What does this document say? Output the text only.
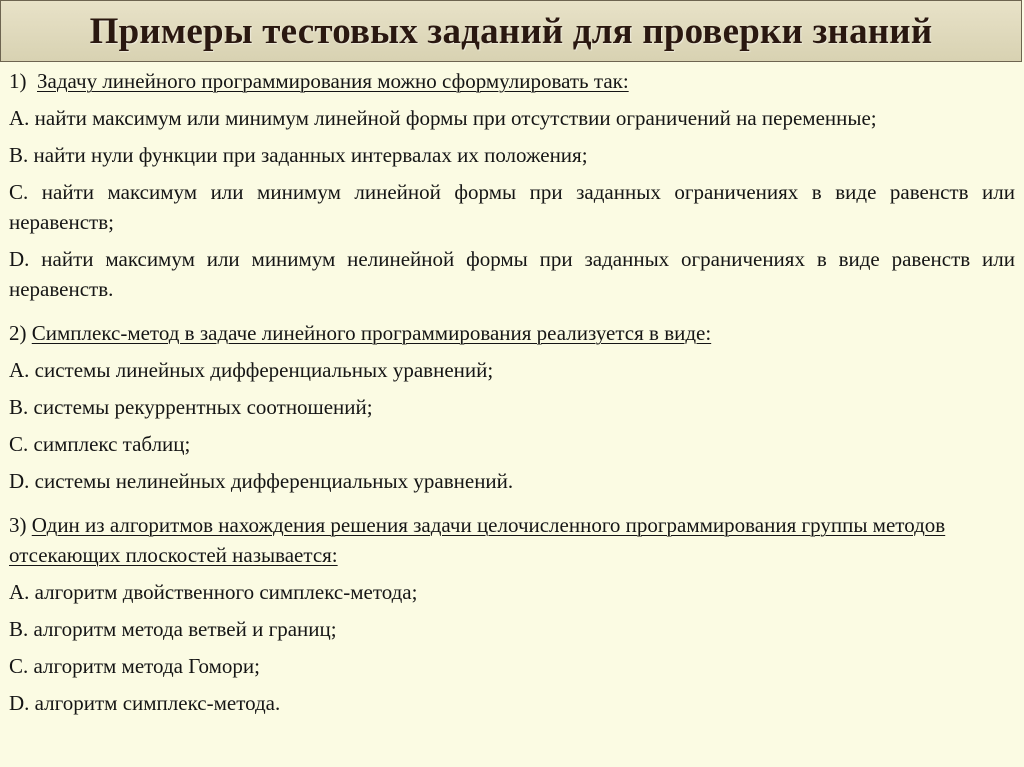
Примеры тестовых заданий для проверки знаний

1) Задачу линейного программирования можно сформулировать так:

A. найти максимум или минимум линейной формы при отсутствии ограничений на переменные;

B. найти нули функции при заданных интервалах их положения;

C. найти максимум или минимум линейной формы при заданных ограничениях в виде равенств или неравенств;

D. найти максимум или минимум нелинейной формы при заданных ограничениях в виде равенств или неравенств.

2) Симплекс-метод в задаче линейного программирования реализуется в виде:

A. системы линейных дифференциальных уравнений;

B. системы рекуррентных соотношений;

C. симплекс таблиц;

D. системы нелинейных дифференциальных уравнений.

3) Один из алгоритмов нахождения решения задачи целочисленного программирования группы методов отсекающих плоскостей называется:

A. алгоритм двойственного симплекс-метода;

B. алгоритм метода ветвей и границ;

C. алгоритм метода Гомори;

D. алгоритм симплекс-метода.
